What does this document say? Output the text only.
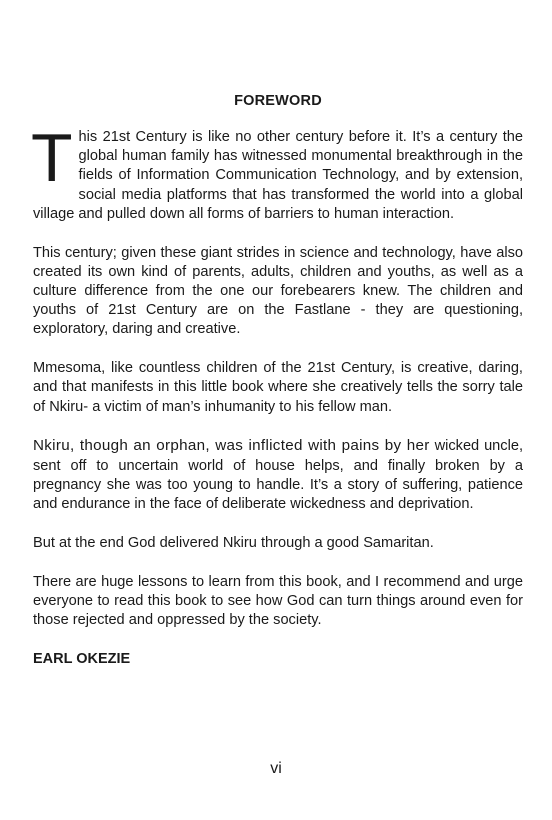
FOREWORD

T his 21st Century is like no other century before it. It’s a century the global human family has witnessed monumental breakthrough in the fields of Information Communication Technology, and by extension, social media platforms that has transformed the world into a global village and pulled down all forms of barriers to human interaction.

This century; given these giant strides in science and technology, have also created its own kind of parents, adults, children and youths, as well as a culture difference from the one our forebearers knew. The children and youths of 21st Century are on the Fastlane - they are questioning, exploratory, daring and creative.

Mmesoma, like countless children of the 21st Century, is creative, daring, and that manifests in this little book where she creatively tells the sorry tale of Nkiru- a victim of man’s inhumanity to his fellow man.

Nkiru, though an orphan, was inflicted with pains by her wicked uncle, sent off to uncertain world of house helps, and finally broken by a pregnancy she was too young to handle. It’s a story of suffering, patience and endurance in the face of deliberate wickedness and deprivation.

But at the end God delivered Nkiru through a good Samaritan.

There are huge lessons to learn from this book, and I recommend and urge everyone to read this book to see how God can turn things around even for those rejected and oppressed by the society.

EARL OKEZIE

vi
